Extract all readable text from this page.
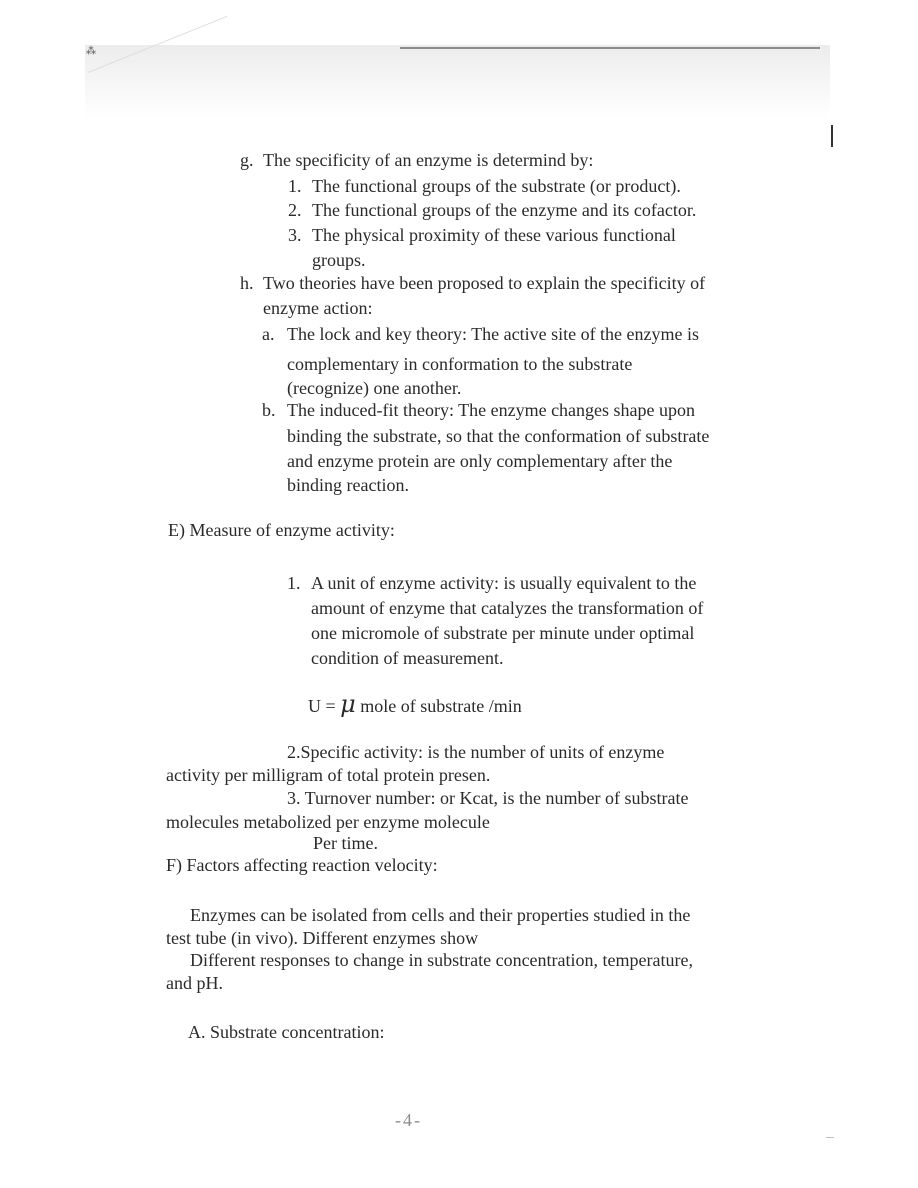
⁂
g. The specificity of an enzyme is determind by:
1. The functional groups of the substrate (or product).
2. The functional groups of the enzyme and its cofactor.
3. The physical proximity of these various functional
groups.
h. Two theories have been proposed to explain the specificity of
enzyme action:
a. The lock and key theory: The active site of the enzyme is
complementary in conformation to the substrate
(recognize) one another.
b. The induced-fit theory: The enzyme changes shape upon
binding the substrate, so that the conformation of substrate
and enzyme protein are only complementary after the
binding reaction.
E) Measure of enzyme activity:
1. A unit of enzyme activity: is usually equivalent to the
amount of enzyme that catalyzes the transformation of
one micromole of substrate per minute under optimal
condition of measurement.
U = μ mole of substrate /min
2.Specific activity: is the number of units of enzyme
activity per milligram of total protein presen.
3. Turnover number: or Kcat, is the number of substrate
molecules metabolized per enzyme molecule
Per time.
F) Factors affecting reaction velocity:
Enzymes can be isolated from cells and their properties studied in the
test tube (in vivo). Different enzymes show
Different responses to change in substrate concentration, temperature,
and pH.
A. Substrate concentration:
-4-
